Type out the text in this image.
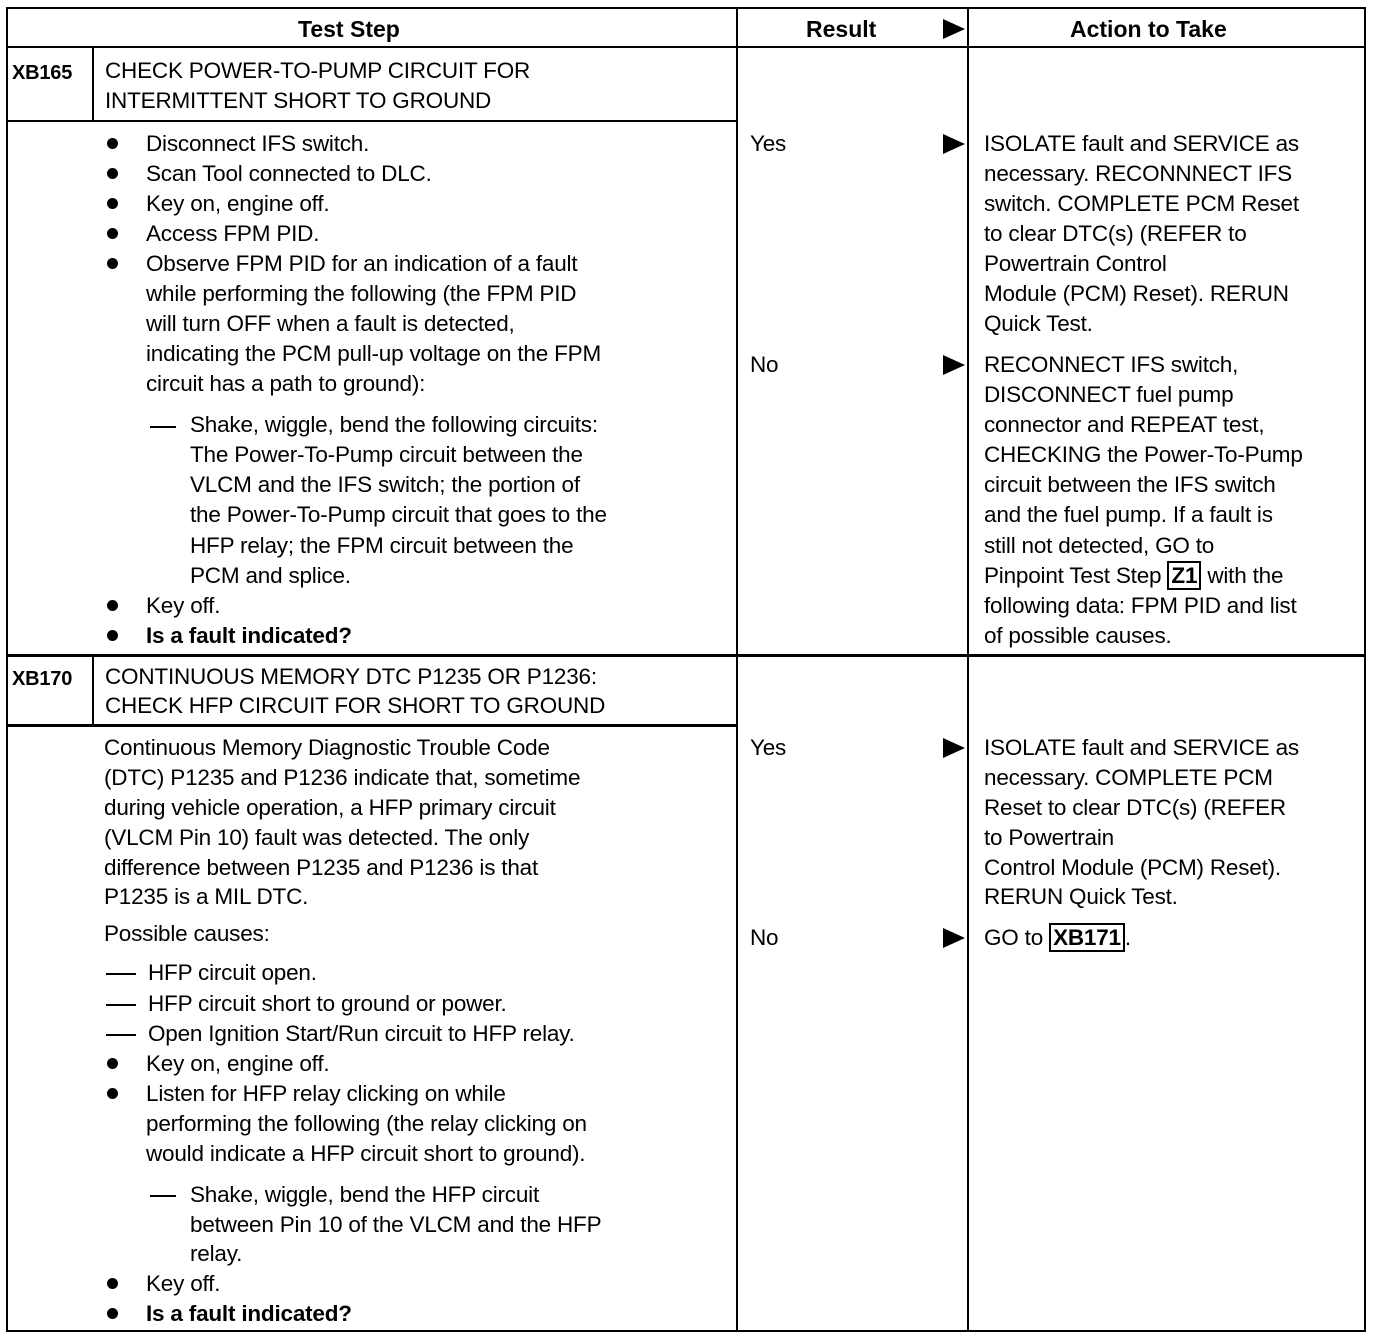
Test Step	Result	Action to Take
XB165 CHECK POWER-TO-PUMP CIRCUIT FOR
INTERMITTENT SHORT TO GROUND
Disconnect IFS switch.
Scan Tool connected to DLC.
Key on, engine off.
Access FPM PID.
Observe FPM PID for an indication of a fault
while performing the following (the FPM PID
will turn OFF when a fault is detected,
indicating the PCM pull-up voltage on the FPM
circuit has a path to ground):
Shake, wiggle, bend the following circuits:
The Power-To-Pump circuit between the
VLCM and the IFS switch; the portion of
the Power-To-Pump circuit that goes to the
HFP relay; the FPM circuit between the
PCM and splice.
Key off.
Is a fault indicated?
Yes	ISOLATE fault and SERVICE as
necessary. RECONNNECT IFS
switch. COMPLETE PCM Reset
to clear DTC(s) (REFER to
Powertrain Control
Module (PCM) Reset). RERUN
Quick Test.
No	RECONNECT IFS switch,
DISCONNECT fuel pump
connector and REPEAT test,
CHECKING the Power-To-Pump
circuit between the IFS switch
and the fuel pump. If a fault is
still not detected, GO to
Pinpoint Test Step Z1 with the
following data: FPM PID and list
of possible causes.
XB170 CONTINUOUS MEMORY DTC P1235 OR P1236:
CHECK HFP CIRCUIT FOR SHORT TO GROUND
Continuous Memory Diagnostic Trouble Code
(DTC) P1235 and P1236 indicate that, sometime
during vehicle operation, a HFP primary circuit
(VLCM Pin 10) fault was detected. The only
difference between P1235 and P1236 is that
P1235 is a MIL DTC.
Possible causes:
HFP circuit open.
HFP circuit short to ground or power.
Open Ignition Start/Run circuit to HFP relay.
Key on, engine off.
Listen for HFP relay clicking on while
performing the following (the relay clicking on
would indicate a HFP circuit short to ground).
Shake, wiggle, bend the HFP circuit
between Pin 10 of the VLCM and the HFP
relay.
Key off.
Is a fault indicated?
Yes	ISOLATE fault and SERVICE as
necessary. COMPLETE PCM
Reset to clear DTC(s) (REFER
to Powertrain
Control Module (PCM) Reset).
RERUN Quick Test.
No	GO to XB171 .
